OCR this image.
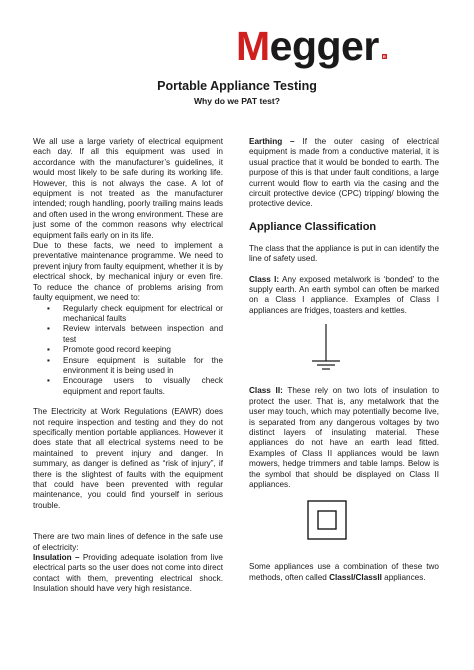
Megger R
Portable Appliance Testing
Why do we PAT test?

We all use a large variety of electrical equipment each day. If all this equipment was used in accordance with the manufacturer’s guidelines, it would most likely to be safe during its working life. However, this is not always the case. A lot of equipment is not treated as the manufacturer intended; rough handling, poorly trailing mains leads and often used in the wrong environment. These are just some of the common reasons why electrical equipment fails early on in its life.

Due to these facts, we need to implement a preventative maintenance programme. We need to prevent injury from faulty equipment, whether it is by electrical shock, by mechanical injury or even fire. To reduce the chance of problems arising from faulty equipment, we need to:

▪ Regularly check equipment for electrical or mechanical faults
▪ Review intervals between inspection and test
▪ Promote good record keeping
▪ Ensure equipment is suitable for the environment it is being used in
▪ Encourage users to visually check equipment and report faults.

The Electricity at Work Regulations (EAWR) does not require inspection and testing and they do not specifically mention portable appliances. However it does state that all electrical systems need to be maintained to prevent injury and danger. In summary, as danger is defined as “risk of injury”, if there is the slightest of faults with the equipment that could have been prevented with regular maintenance, you could find yourself in serious trouble.

There are two main lines of defence in the safe use of electricity:

Insulation – Providing adequate isolation from live electrical parts so the user does not come into direct contact with them, preventing electrical shock. Insulation should have very high resistance.

Earthing – If the outer casing of electrical equipment is made from a conductive material, it is usual practice that it would be bonded to earth. The purpose of this is that under fault conditions, a large current would flow to earth via the casing and the circuit protective device (CPC) tripping/ blowing the protective device.

Appliance Classification

The class that the appliance is put in can identify the line of safety used.

Class I: Any exposed metalwork is ‘bonded’ to the supply earth. An earth symbol can often be marked on a Class I appliance. Examples of Class I appliances are fridges, toasters and kettles.

Class II: These rely on two lots of insulation to protect the user. That is, any metalwork that the user may touch, which may potentially become live, is separated from any dangerous voltages by two distinct layers of insulating material. These appliances do not have an earth lead fitted. Examples of Class II appliances would be lawn mowers, hedge trimmers and table lamps. Below is the symbol that should be displayed on Class II appliances.

Some appliances use a combination of these two methods, often called ClassI/ClassII appliances.
